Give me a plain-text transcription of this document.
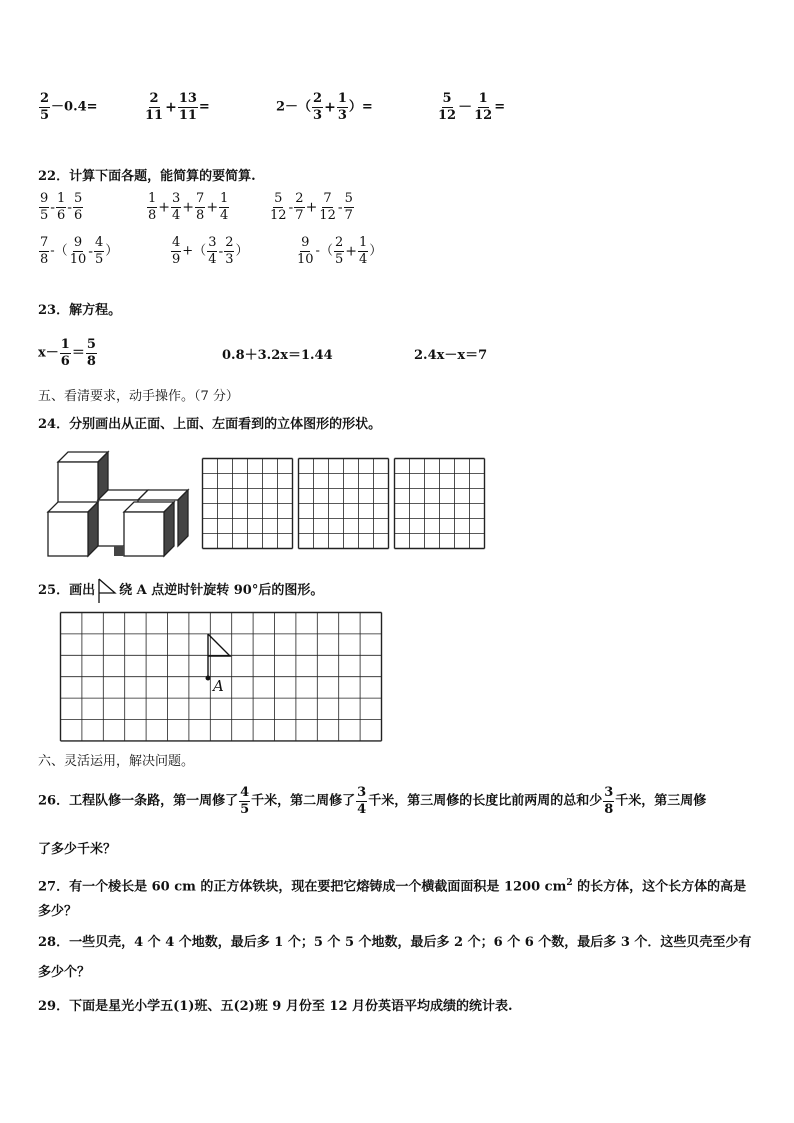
$\frac{2}{5} -0.4=$	$\frac{2}{11} + \frac{13}{11}$ =	$2-( \frac{2}{3} + \frac{1}{3}$ ）=	$\frac{5}{12} - \frac{1}{12}$ =
22．计算下面各题，能简算的要简算.
$\frac{9}{5} - \frac{1}{6} - \frac{5}{6}$	$\frac{1}{8} + \frac{3}{4} + \frac{7}{8} + \frac{1}{4}$	$\frac{5}{12} - \frac{2}{7} + \frac{7}{12} - \frac{5}{7}$
$\frac{7}{8}$ -（ $\frac{9}{10} - \frac{4}{5}$ ）	$\frac{4}{9}$ +（ $\frac{3}{4} - \frac{2}{3}$ ）	$\frac{9}{10}$ -（ $\frac{2}{5} + \frac{1}{4}$ ）
23．解方程。
$x- \frac{1}{6} = \frac{5}{8}$	0.8＋3.2x＝1.44	2.4x－x＝7
五、看清要求，动手操作。（7 分）
24．分别画出从正面、上面、左面看到的立体图形的形状。
25．画出 绕 A 点逆时针旋转 90°后的图形。
A
六、灵活运用，解决问题。
26．工程队修一条路，第一周修了 $\frac{4}{5}$ 千米，第二周修了 $\frac{3}{4}$ 千米，第三周修的长度比前两周的总和少 $\frac{3}{8}$ 千米，第三周修
了多少千米？
27．有一个棱长是 60 cm 的正方体铁块，现在要把它熔铸成一个横截面面积是 1200 $cm^2$ 的长方体，这个长方体的高是
多少？
28．一些贝壳，4 个 4 个地数，最后多 1 个；5 个 5 个地数，最后多 2 个；6 个 6 个数，最后多 3 个．这些贝壳至少有
多少个？
29．下面是星光小学五(1)班、五(2)班 9 月份至 12 月份英语平均成绩的统计表.
